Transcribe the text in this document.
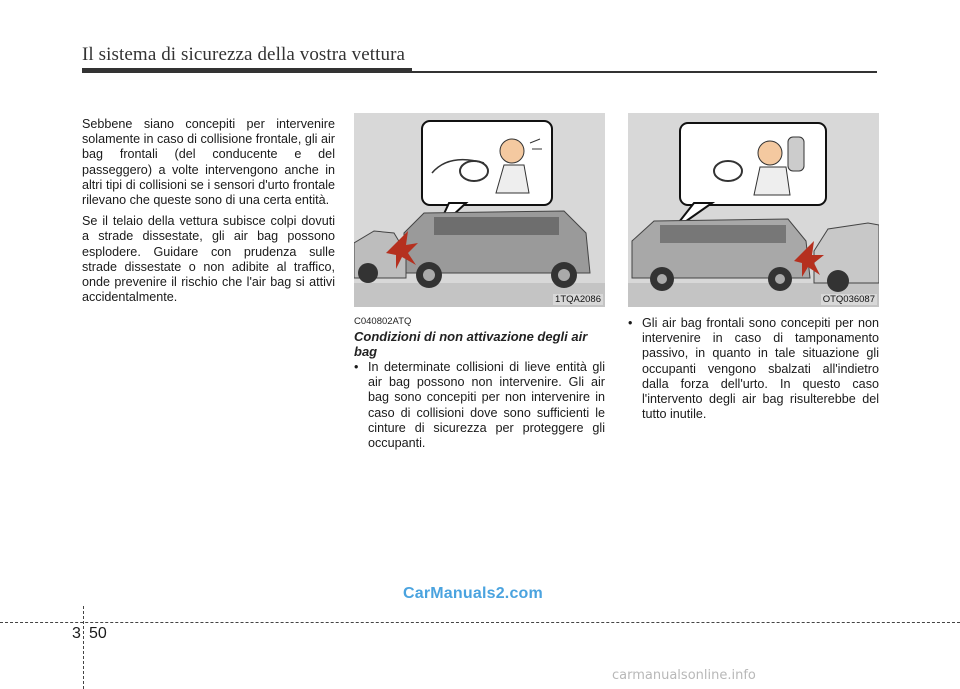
Il sistema di sicurezza della vostra vettura

Sebbene siano concepiti per intervenire solamente in caso di collisione frontale, gli air bag frontali (del conducente e del passeggero) a volte intervengono anche in altri tipi di collisioni se i sensori d'urto frontale rilevano che queste sono di una certa entità.

Se il telaio della vettura subisce colpi dovuti a strade dissestate, gli air bag possono esplodere. Guidare con prudenza sulle strade dissestate o non adibite al traffico, onde prevenire il rischio che l'air bag si attivi accidentalmente.	1TQA2086	OTQ036087
C040802ATQ
Condizioni di non attivazione degli air bag
• In determinate collisioni di lieve entità gli air bag possono non intervenire. Gli air bag sono concepiti per non intervenire in caso di collisioni dove sono sufficienti le cinture di sicurezza per proteggere gli occupanti.
• Gli air bag frontali sono concepiti per non intervenire in caso di tamponamento passivo, in quanto in tale situazione gli occupanti vengono sbalzati all'indietro dalla forza dell'urto. In questo caso l'intervento degli air bag risulterebbe del tutto inutile.
CarManuals2.com
3 50
carmanualsonline.info
